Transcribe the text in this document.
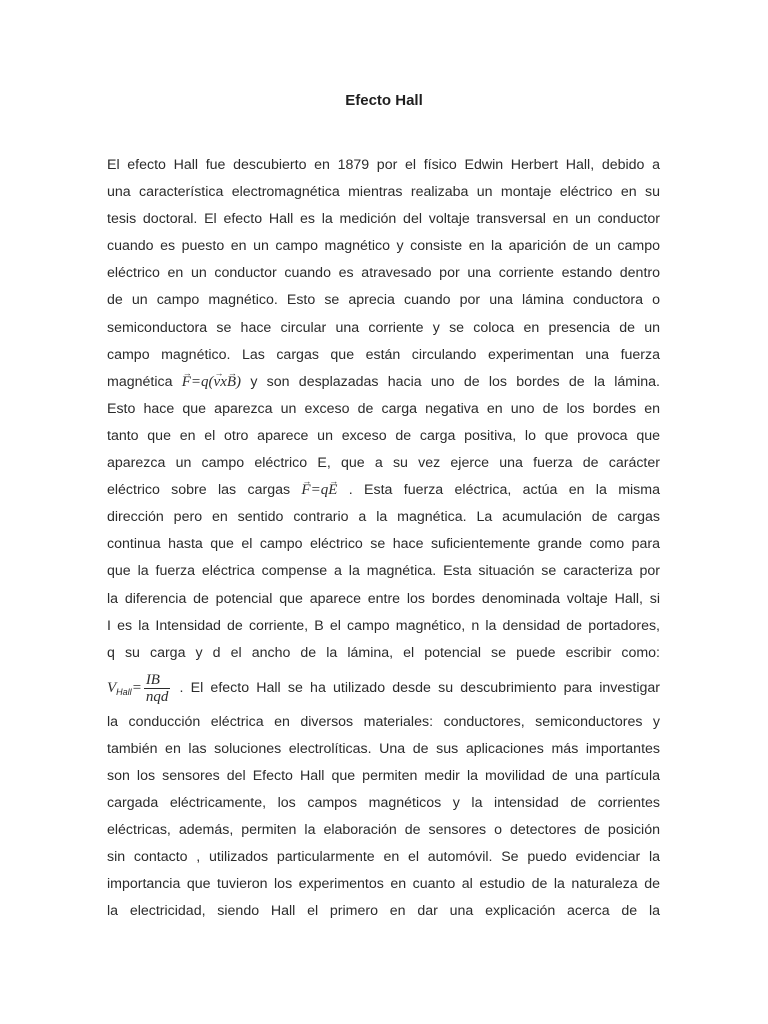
Efecto Hall
El efecto Hall fue descubierto en 1879 por el físico Edwin Herbert Hall, debido a
una característica electromagnética mientras realizaba un montaje eléctrico en su
tesis doctoral. El efecto Hall es la medición del voltaje transversal en un conductor
cuando es puesto en un campo magnético y consiste en la aparición de un campo
eléctrico en un conductor cuando es atravesado por una corriente estando dentro
de un campo magnético. Esto se aprecia cuando por una lámina conductora o
semiconductora se hace circular una corriente y se coloca en presencia de un
campo magnético. Las cargas que están circulando experimentan una fuerza
magnética → F=q(→ vx→ B) y son desplazadas hacia uno de los bordes de la lámina.
Esto hace que aparezca un exceso de carga negativa en uno de los bordes en
tanto que en el otro aparece un exceso de carga positiva, lo que provoca que
aparezca un campo eléctrico E, que a su vez ejerce una fuerza de carácter
eléctrico sobre las cargas → F=q→ E . Esta fuerza eléctrica, actúa en la misma
dirección pero en sentido contrario a la magnética. La acumulación de cargas
continua hasta que el campo eléctrico se hace suficientemente grande como para
que la fuerza eléctrica compense a la magnética. Esta situación se caracteriza por
la diferencia de potencial que aparece entre los bordes denominada voltaje Hall, si
I es la Intensidad de corriente, B el campo magnético, n la densidad de portadores,
q su carga y d el ancho de la lámina, el potencial se puede escribir como:
$V_{Hall}= \frac{IB}{\text{nqd}}$ . El efecto Hall se ha utilizado desde su descubrimiento para investigar
la conducción eléctrica en diversos materiales: conductores, semiconductores y
también en las soluciones electrolíticas. Una de sus aplicaciones más importantes
son los sensores del Efecto Hall que permiten medir la movilidad de una partícula
cargada eléctricamente, los campos magnéticos y la intensidad de corrientes
eléctricas, además, permiten la elaboración de sensores o detectores de posición
sin contacto , utilizados particularmente en el automóvil. Se puedo evidenciar la
importancia que tuvieron los experimentos en cuanto al estudio de la naturaleza de
la electricidad, siendo Hall el primero en dar una explicación acerca de la
